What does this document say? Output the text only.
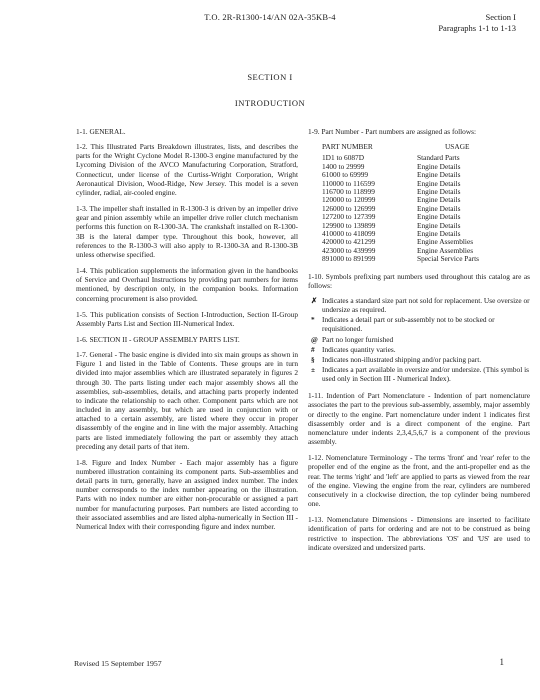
T.O. 2R-R1300-14/AN 02A-35KB-4	Section I
Paragraphs 1-1 to 1-13
SECTION I
INTRODUCTION

1-1. GENERAL.

1-2. This Illustrated Parts Breakdown illustrates, lists, and describes the parts for the Wright Cyclone Model R-1300-3 engine manufactured by the Lycoming Division of the AVCO Manufacturing Corporation, Stratford, Connecticut, under license of the Curtiss-Wright Corporation, Wright Aeronautical Division, Wood-Ridge, New Jersey. This model is a seven cylinder, radial, air-cooled engine.

1-3. The impeller shaft installed in R-1300-3 is driven by an impeller drive gear and pinion assembly while an impeller drive roller clutch mechanism performs this function on R-1300-3A. The crankshaft installed on R-1300-3B is the lateral damper type. Throughout this book, however, all references to the R-1300-3 will also apply to R-1300-3A and R-1300-3B unless otherwise specified.

1-4. This publication supplements the information given in the handbooks of Service and Overhaul Instructions by providing part numbers for items mentioned, by description only, in the companion books. Information concerning procurement is also provided.

1-5. This publication consists of Section I-Introduction, Section II-Group Assembly Parts List and Section III-Numerical Index.

1-6. SECTION II - GROUP ASSEMBLY PARTS LIST.

1-7. General - The basic engine is divided into six main groups as shown in Figure 1 and listed in the Table of Contents. These groups are in turn divided into major assemblies which are illustrated separately in figures 2 through 30. The parts listing under each major assembly shows all the assemblies, sub-assemblies, details, and attaching parts properly indented to indicate the relationship to each other. Component parts which are not included in any assembly, but which are used in conjunction with or attached to a certain assembly, are listed where they occur in proper disassembly of the engine and in line with the major assembly. Attaching parts are listed immediately following the part or assembly they attach preceding any detail parts of that item.

1-8. Figure and Index Number - Each major assembly has a figure numbered illustration containing its component parts. Sub-assemblies and detail parts in turn, generally, have an assigned index number. The index number corresponds to the index number appearing on the illustration. Parts with no index number are either non-procurable or assigned a part number for manufacturing purposes. Part numbers are listed according to their associated assemblies and are listed alpha-numerically in Section III - Numerical Index with their corresponding figure and index number.

1-9. Part Number - Part numbers are assigned as follows:

PART NUMBER	USAGE
1D1 to 6087D	Standard Parts
1400 to 29999	Engine Details
61000 to 69999	Engine Details
110000 to 116599	Engine Details
116700 to 118999	Engine Details
120000 to 120999	Engine Details
126000 to 126999	Engine Details
127200 to 127399	Engine Details
129900 to 139899	Engine Details
410000 to 418099	Engine Details
420000 to 421299	Engine Assemblies
423000 to 439999	Engine Assemblies
891000 to 891999	Special Service Parts

1-10. Symbols prefixing part numbers used throughout this catalog are as follows:

✗ Indicates a standard size part not sold for replacement. Use oversize or undersize as required.
* Indicates a detail part or sub-assembly not to be stocked or requisitioned.
@ Part no longer furnished
# Indicates quantity varies.
§ Indicates non-illustrated shipping and/or packing part.
± Indicates a part available in oversize and/or undersize. (This symbol is used only in Section III - Numerical Index).

1-11. Indention of Part Nomenclature - Indention of part nomenclature associates the part to the previous sub-assembly, assembly, major assembly or directly to the engine. Part nomenclature under indent 1 indicates first disassembly order and is a direct component of the engine. Part nomenclature under indents 2,3,4,5,6,7 is a component of the previous assembly.

1-12. Nomenclature Terminology - The terms 'front' and 'rear' refer to the propeller end of the engine as the front, and the anti-propeller end as the rear. The terms 'right' and 'left' are applied to parts as viewed from the rear of the engine. Viewing the engine from the rear, cylinders are numbered consecutively in a clockwise direction, the top cylinder being numbered one.

1-13. Nomenclature Dimensions - Dimensions are inserted to facilitate identification of parts for ordering and are not to be construed as being restrictive to inspection. The abbreviations 'OS' and 'US' are used to indicate oversized and undersized parts.

Revised 15 September 1957	1
